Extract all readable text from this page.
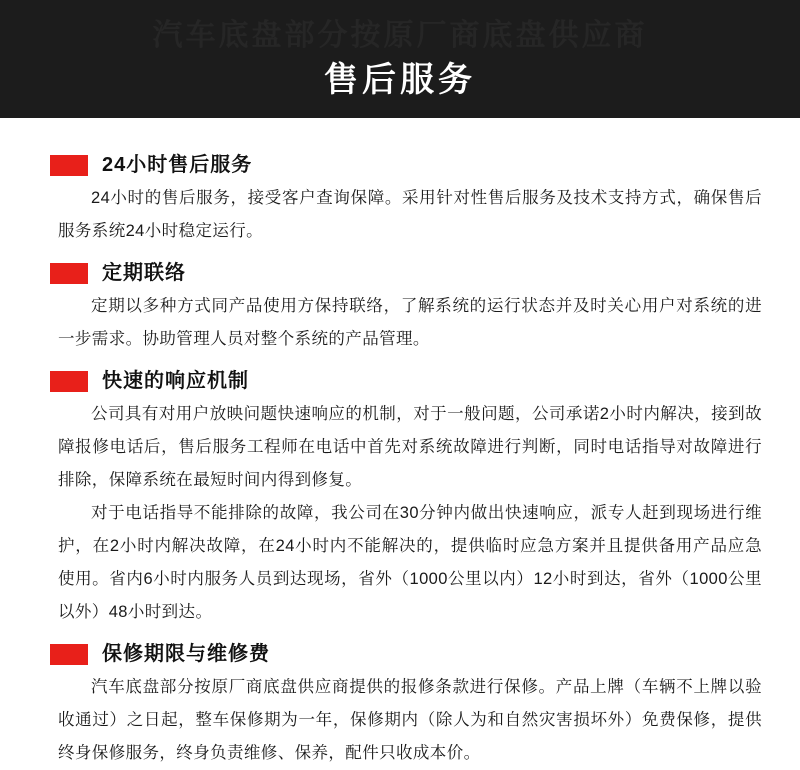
汽车底盘部分按原厂商底盘供应商
售后服务
24小时售后服务

24小时的售后服务，接受客户查询保障。采用针对性售后服务及技术支持方式，确保售后服务系统24小时稳定运行。

定期联络

定期以多种方式同产品使用方保持联络，了解系统的运行状态并及时关心用户对系统的进一步需求。协助管理人员对整个系统的产品管理。

快速的响应机制

公司具有对用户放映问题快速响应的机制，对于一般问题，公司承诺2小时内解决，接到故障报修电话后，售后服务工程师在电话中首先对系统故障进行判断，同时电话指导对故障进行排除，保障系统在最短时间内得到修复。

对于电话指导不能排除的故障，我公司在30分钟内做出快速响应，派专人赶到现场进行维护，在2小时内解决故障，在24小时内不能解决的，提供临时应急方案并且提供备用产品应急使用。省内6小时内服务人员到达现场，省外（1000公里以内）12小时到达，省外（1000公里以外）48小时到达。

保修期限与维修费

汽车底盘部分按原厂商底盘供应商提供的报修条款进行保修。产品上牌（车辆不上牌以验收通过）之日起，整车保修期为一年，保修期内（除人为和自然灾害损坏外）免费保修，提供终身保修服务，终身负责维修、保养，配件只收成本价。
